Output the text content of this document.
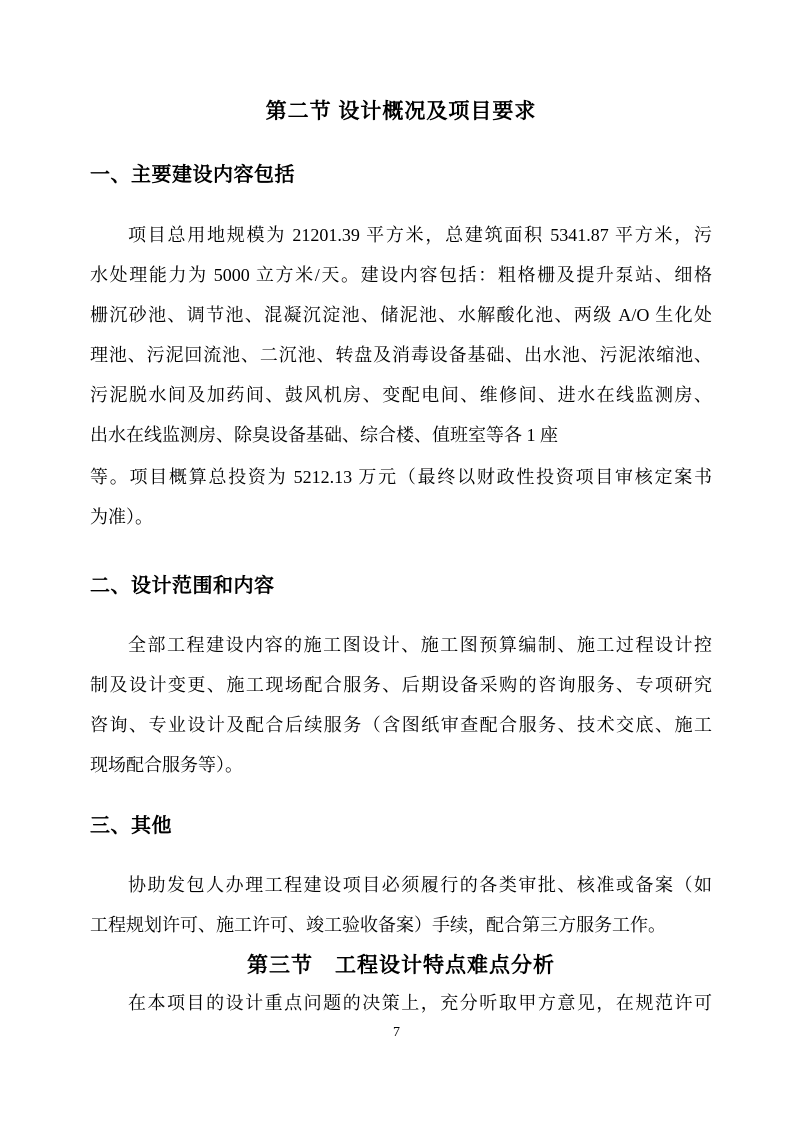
第二节 设计概况及项目要求
一、主要建设内容包括
项目总用地规模为 21201.39 平方米，总建筑面积 5341.87 平方米，污
水处理能力为 5000 立方米/天。建设内容包括：粗格栅及提升泵站、细格
栅沉砂池、调节池、混凝沉淀池、储泥池、水解酸化池、两级 A/O 生化处
理池、污泥回流池、二沉池、转盘及消毒设备基础、出水池、污泥浓缩池、
污泥脱水间及加药间、鼓风机房、变配电间、维修间、进水在线监测房、
出水在线监测房、除臭设备基础、综合楼、值班室等各 1 座
等。项目概算总投资为 5212.13 万元（最终以财政性投资项目审核定案书
为准）。
二、设计范围和内容
全部工程建设内容的施工图设计、施工图预算编制、施工过程设计控
制及设计变更、施工现场配合服务、后期设备采购的咨询服务、专项研究
咨询、专业设计及配合后续服务（含图纸审查配合服务、技术交底、施工
现场配合服务等）。
三、其他
协助发包人办理工程建设项目必须履行的各类审批、核准或备案（如
工程规划许可、施工许可、竣工验收备案）手续，配合第三方服务工作。
第三节　工程设计特点难点分析
在本项目的设计重点问题的决策上，充分听取甲方意见，在规范许可
7
